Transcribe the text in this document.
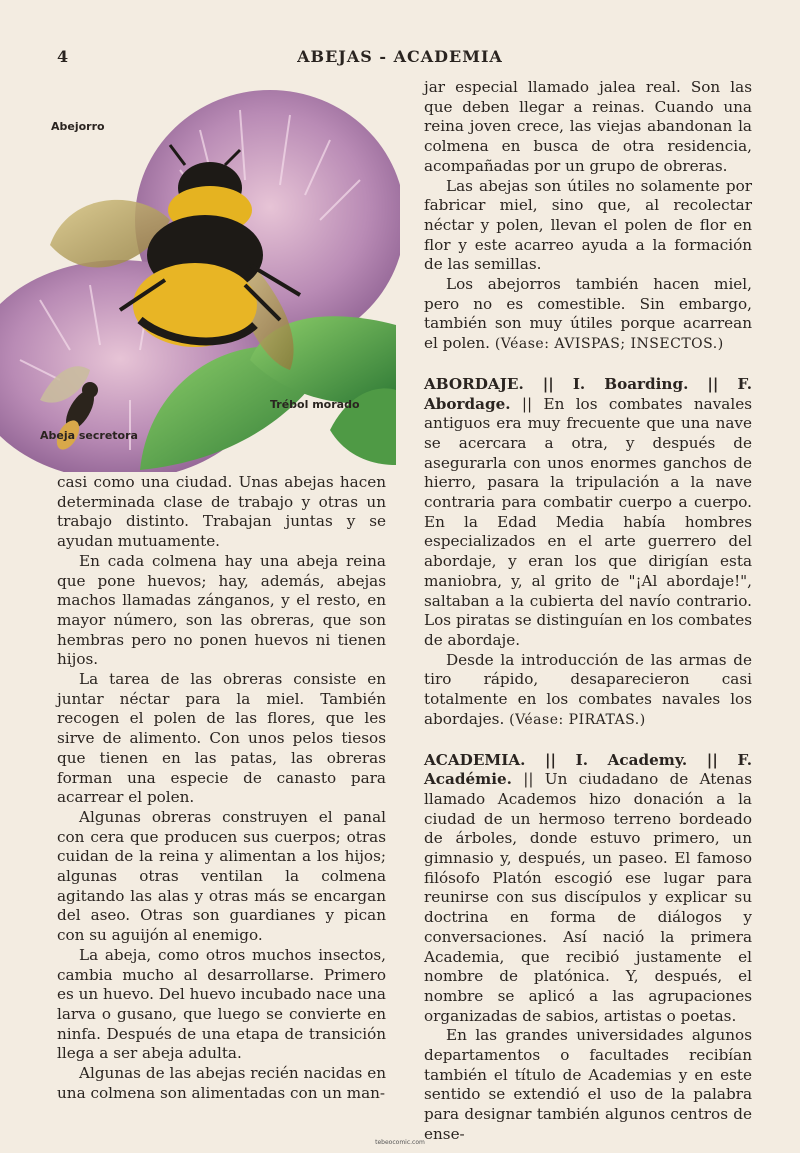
4	ABEJAS - ACADEMIA
Abejorro
Trébol morado
Abeja secretora

casi como una ciudad. Unas abejas hacen determinada clase de trabajo y otras un trabajo distinto. Trabajan juntas y se ayudan mutuamente.

En cada colmena hay una abeja reina que pone huevos; hay, además, abejas machos llamadas zánganos, y el resto, en mayor número, son las obreras, que son hembras pero no ponen huevos ni tienen hijos.

La tarea de las obreras consiste en juntar néctar para la miel. También recogen el polen de las flores, que les sirve de alimento. Con unos pelos tiesos que tienen en las patas, las obreras forman una especie de canasto para acarrear el polen.

Algunas obreras construyen el panal con cera que producen sus cuerpos; otras cuidan de la reina y alimentan a los hijos; algunas otras ventilan la colmena agitando las alas y otras más se encargan del aseo. Otras son guardianes y pican con su aguijón al enemigo.

La abeja, como otros muchos insectos, cambia mucho al desarrollarse. Primero es un huevo. Del huevo incubado nace una larva o gusano, que luego se convierte en ninfa. Después de una etapa de transición llega a ser abeja adulta.

Algunas de las abejas recién nacidas en una colmena son alimentadas con un man-

jar especial llamado jalea real. Son las que deben llegar a reinas. Cuando una reina joven crece, las viejas abandonan la colmena en busca de otra residencia, acompañadas por un grupo de obreras.

Las abejas son útiles no solamente por fabricar miel, sino que, al recolectar néctar y polen, llevan el polen de flor en flor y este acarreo ayuda a la formación de las semillas.

Los abejorros también hacen miel, pero no es comestible. Sin embargo, también son muy útiles porque acarrean el polen. (Véase: AVISPAS; INSECTOS.)

ABORDAJE. || I. Boarding. || F. Abordage. || En los combates navales antiguos era muy frecuente que una nave se acercara a otra, y después de asegurarla con unos enormes ganchos de hierro, pasara la tripulación a la nave contraria para combatir cuerpo a cuerpo. En la Edad Media había hombres especializados en el arte guerrero del abordaje, y eran los que dirigían esta maniobra, y, al grito de "¡Al abordaje!", saltaban a la cubierta del navío contrario. Los piratas se distinguían en los combates de abordaje.

Desde la introducción de las armas de tiro rápido, desaparecieron casi totalmente en los combates navales los abordajes. (Véase: PIRATAS.)

ACADEMIA. || I. Academy. || F. Académie. || Un ciudadano de Atenas llamado Academos hizo donación a la ciudad de un hermoso terreno bordeado de árboles, donde estuvo primero, un gimnasio y, después, un paseo. El famoso filósofo Platón escogió ese lugar para reunirse con sus discípulos y explicar su doctrina en forma de diálogos y conversaciones. Así nació la primera Academia, que recibió justamente el nombre de platónica. Y, después, el nombre se aplicó a las agrupaciones organizadas de sabios, artistas o poetas.

En las grandes universidades algunos departamentos o facultades recibían también el título de Academias y en este sentido se extendió el uso de la palabra para designar también algunos centros de ense-

tebeocomic.com
